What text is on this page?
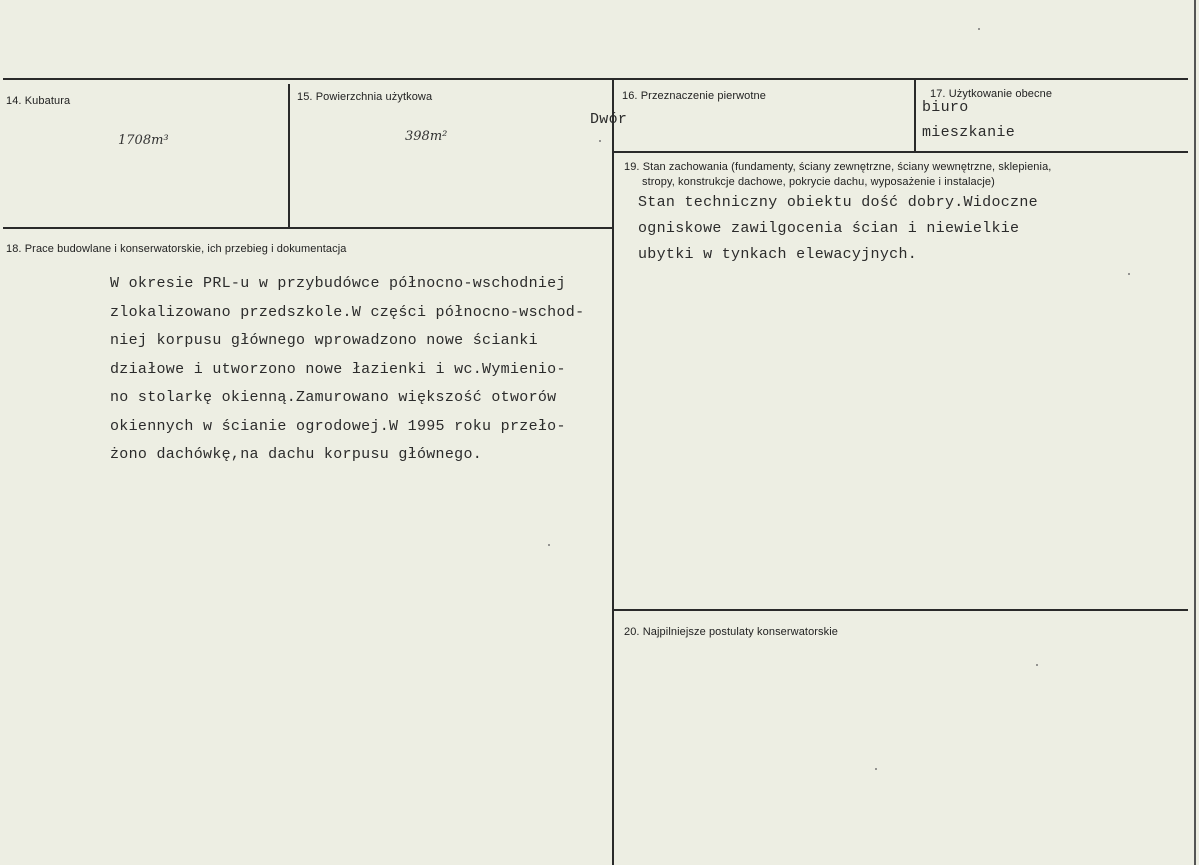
14. Kubatura
1708m³
15. Powierzchnia użytkowa
398m²
16. Przeznaczenie pierwotne
Dwór
17. Użytkowanie obecne
biuro
mieszkanie
18. Prace budowlane i konserwatorskie, ich przebieg i dokumentacja
W okresie PRL-u w przybudówce północno-wschodniej
zlokalizowano przedszkole.W części północno-wschod-
niej korpusu głównego wprowadzono nowe ścianki
działowe i utworzono nowe łazienki i wc.Wymienio-
no stolarkę okienną.Zamurowano większość otworów
okiennych w ścianie ogrodowej.W 1995 roku przeło-
żono dachówkę,na dachu korpusu głównego.
19. Stan zachowania (fundamenty, ściany zewnętrzne, ściany wewnętrzne, sklepienia,
stropy, konstrukcje dachowe, pokrycie dachu, wyposażenie i instalacje)
Stan techniczny obiektu dość dobry.Widoczne
ogniskowe zawilgocenia ścian i niewielkie
ubytki w tynkach elewacyjnych.
20. Najpilniejsze postulaty konserwatorskie
